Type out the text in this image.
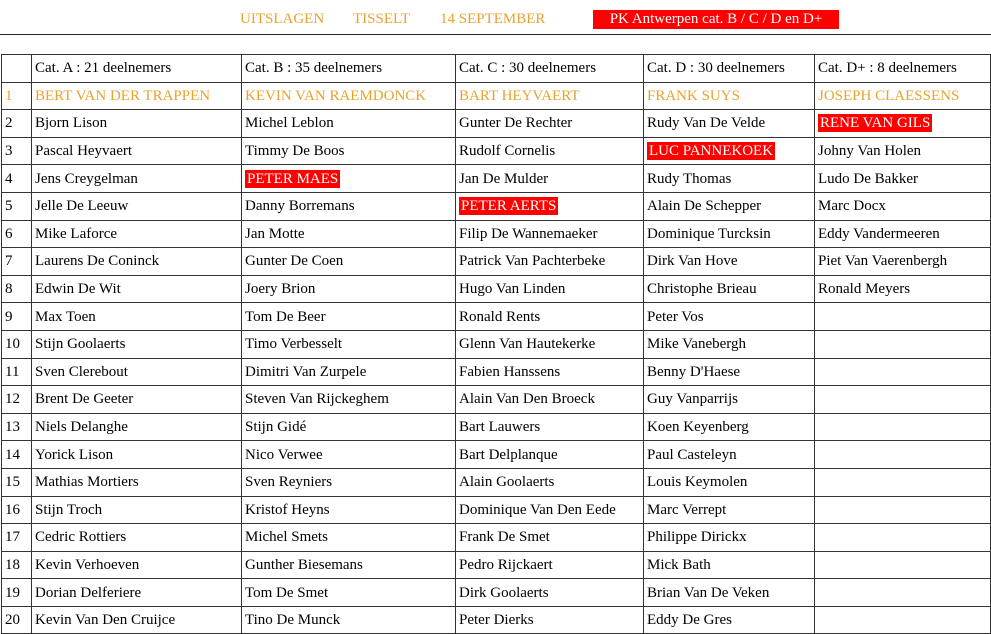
UITSLAGEN TISSELT 14 SEPTEMBER	PK Antwerpen cat. B / C / D en D+
	Cat. A : 21 deelnemers	Cat. B : 35 deelnemers	Cat. C : 30 deelnemers	Cat. D : 30 deelnemers	Cat. D+ : 8 deelnemers
1	BERT VAN DER TRAPPEN	KEVIN VAN RAEMDONCK	BART HEYVAERT	FRANK SUYS	JOSEPH CLAESSENS
2	Bjorn Lison	Michel Leblon	Gunter De Rechter	Rudy Van De Velde	RENE VAN GILS
3	Pascal Heyvaert	Timmy De Boos	Rudolf Cornelis	LUC PANNEKOEK	Johny Van Holen
4	Jens Creygelman	PETER MAES	Jan De Mulder	Rudy Thomas	Ludo De Bakker
5	Jelle De Leeuw	Danny Borremans	PETER AERTS	Alain De Schepper	Marc Docx
6	Mike Laforce	Jan Motte	Filip De Wannemaeker	Dominique Turcksin	Eddy Vandermeeren
7	Laurens De Coninck	Gunter De Coen	Patrick Van Pachterbeke	Dirk Van Hove	Piet Van Vaerenbergh
8	Edwin De Wit	Joery Brion	Hugo Van Linden	Christophe Brieau	Ronald Meyers
9	Max Toen	Tom De Beer	Ronald Rents	Peter Vos	
10	Stijn Goolaerts	Timo Verbesselt	Glenn Van Hautekerke	Mike Vanebergh	
11	Sven Clerebout	Dimitri Van Zurpele	Fabien Hanssens	Benny D'Haese	
12	Brent De Geeter	Steven Van Rijckeghem	Alain Van Den Broeck	Guy Vanparrijs	
13	Niels Delanghe	Stijn Gidé	Bart Lauwers	Koen Keyenberg	
14	Yorick Lison	Nico Verwee	Bart Delplanque	Paul Casteleyn	
15	Mathias Mortiers	Sven Reyniers	Alain Goolaerts	Louis Keymolen	
16	Stijn Troch	Kristof Heyns	Dominique Van Den Eede	Marc Verrept	
17	Cedric Rottiers	Michel Smets	Frank De Smet	Philippe Dirickx	
18	Kevin Verhoeven	Gunther Biesemans	Pedro Rijckaert	Mick Bath	
19	Dorian Delferiere	Tom De Smet	Dirk Goolaerts	Brian Van De Veken	
20	Kevin Van Den Cruijce	Tino De Munck	Peter Dierks	Eddy De Gres	
